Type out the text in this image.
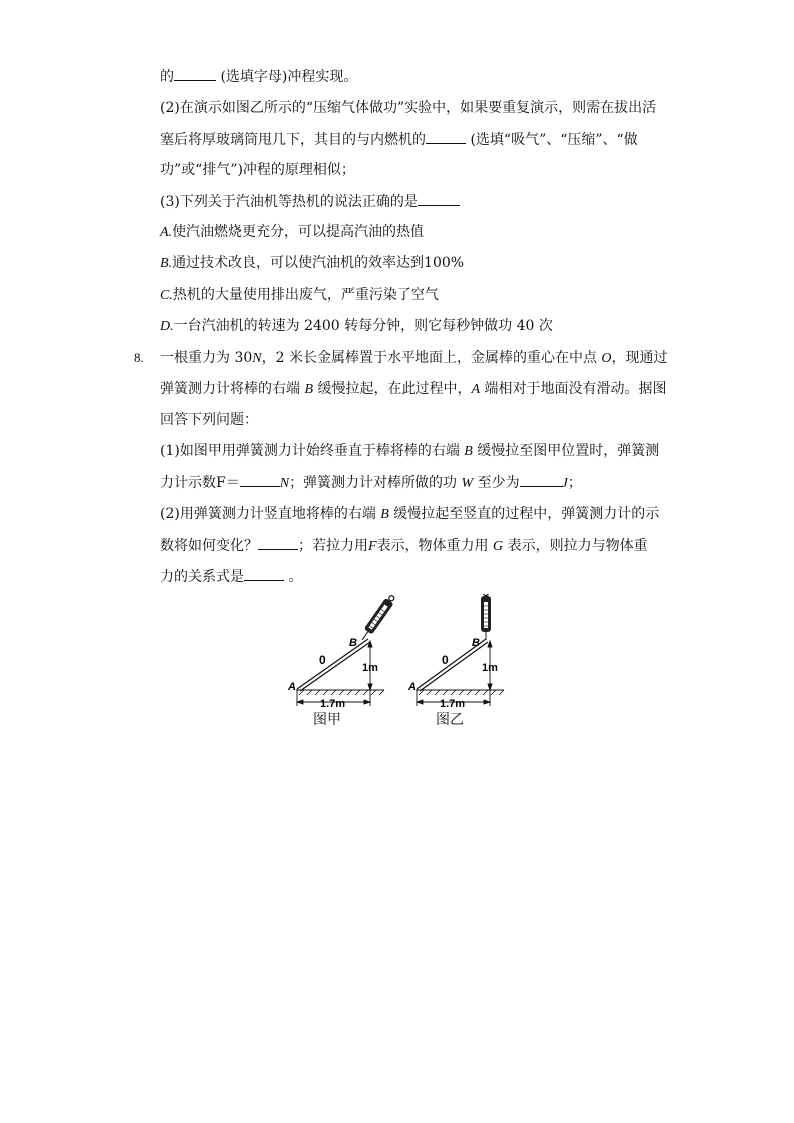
的	(选填字母)冲程实现。
(2)在演示如图乙所示的“压缩气体做功”实验中，如果要重复演示，则需在拔出活
塞后将厚玻璃筒甩几下，其目的与内燃机的	(选填“吸气”、“压缩”、“做
功”或“排气”)冲程的原理相似；
(3)下列关于汽油机等热机的说法正确的是
A.使汽油燃烧更充分，可以提高汽油的热值
B.通过技术改良，可以使汽油机的效率达到100%
C.热机的大量使用排出废气，严重污染了空气
D.一台汽油机的转速为 2400 转每分钟，则它每秒钟做功 40 次
8. 一根重力为 30N，2 米长金属棒置于水平地面上，金属棒的重心在中点 O，现通过
弹簧测力计将棒的右端 B 缓慢拉起，在此过程中，A 端相对于地面没有滑动。据图
回答下列问题：
(1)如图甲用弹簧测力计始终垂直于棒将棒的右端 B 缓慢拉至图甲位置时，弹簧测
力计示数F＝	N；弹簧测力计对棒所做的功 W 至少为	J；
(2)用弹簧测力计竖直地将棒的右端 B 缓慢拉起至竖直的过程中，弹簧测力计的示
数将如何变化？	；若拉力用F表示，物体重力用 G 表示，则拉力与物体重
力的关系式是	。
A
0
B
1m
1.7m
图甲
A
0
B
1m
1.7m
图乙
